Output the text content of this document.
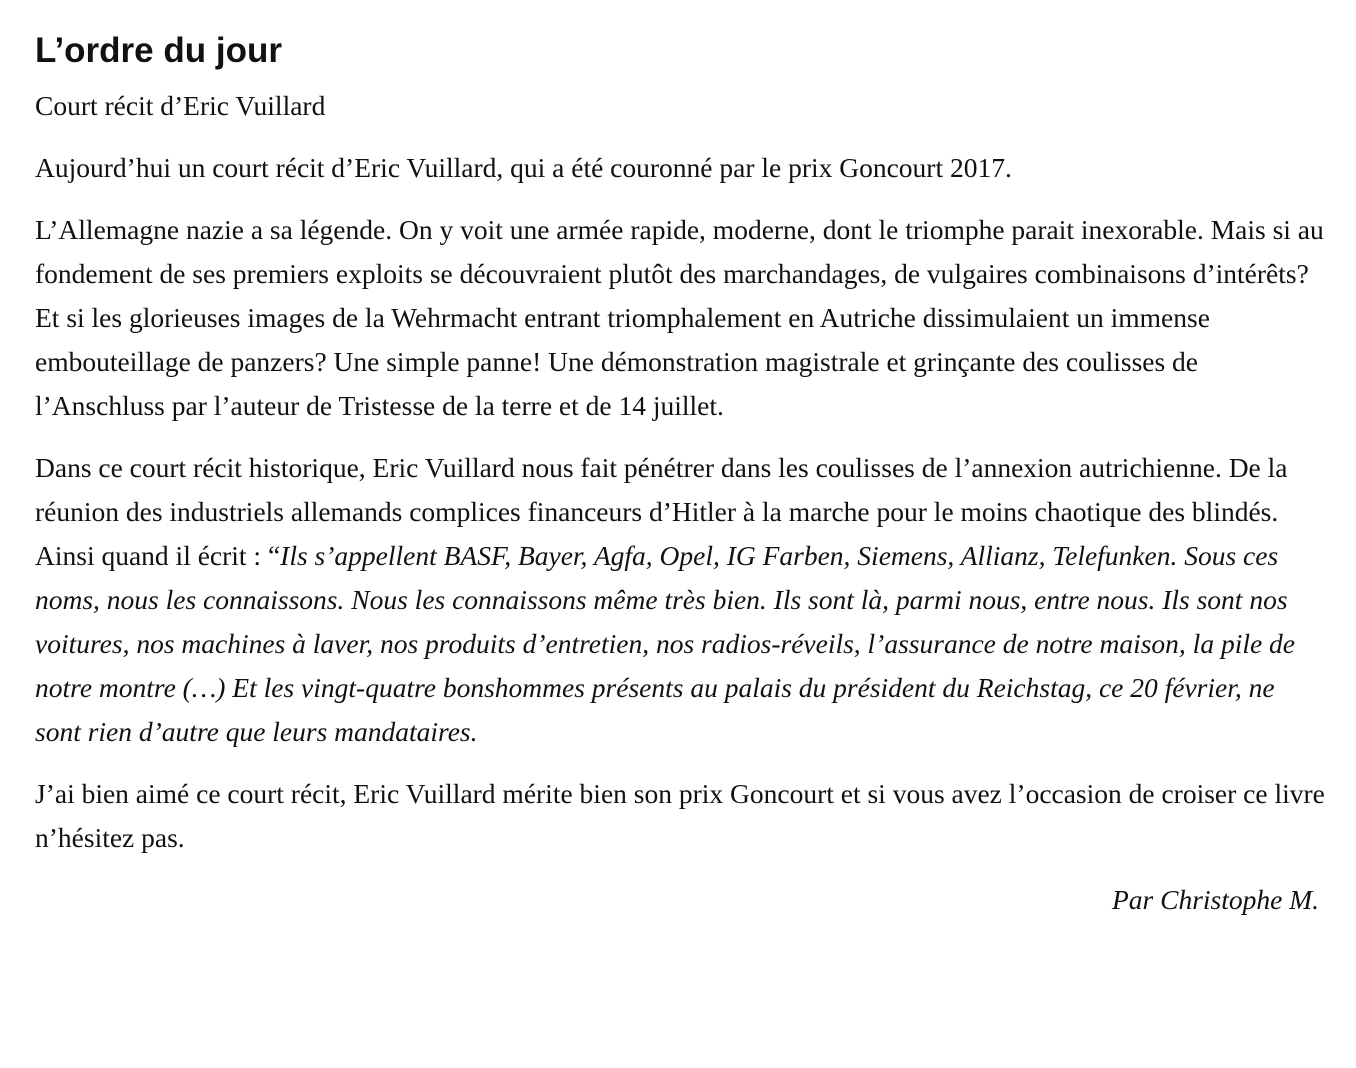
L’ordre du jour

Court récit d’Eric Vuillard

Aujourd’hui un court récit d’Eric Vuillard, qui a été couronné par le prix Goncourt 2017.

L’Allemagne nazie a sa légende. On y voit une armée rapide, moderne, dont le triomphe parait inexorable. Mais si au fondement de ses premiers exploits se découvraient plutôt des marchandages, de vulgaires combinaisons d’intérêts? Et si les glorieuses images de la Wehrmacht entrant triomphalement en Autriche dissimulaient un immense embouteillage de panzers? Une simple panne! Une démonstration magistrale et grinçante des coulisses de l’Anschluss par l’auteur de Tristesse de la terre et de 14 juillet.

Dans ce court récit historique, Eric Vuillard nous fait pénétrer dans les coulisses de l’annexion autrichienne. De la réunion des industriels allemands complices financeurs d’Hitler à la marche pour le moins chaotique des blindés. Ainsi quand il écrit : “Ils s’appellent BASF, Bayer, Agfa, Opel, IG Farben, Siemens, Allianz, Telefunken. Sous ces noms, nous les connaissons. Nous les connaissons même très bien. Ils sont là, parmi nous, entre nous. Ils sont nos voitures, nos machines à laver, nos produits d’entretien, nos radios-réveils, l’assurance de notre maison, la pile de notre montre (…) Et les vingt-quatre bonshommes présents au palais du président du Reichstag, ce 20 février, ne sont rien d’autre que leurs mandataires.

J’ai bien aimé ce court récit, Eric Vuillard mérite bien son prix Goncourt et si vous avez l’occasion de croiser ce livre n’hésitez pas.

Par Christophe M.
